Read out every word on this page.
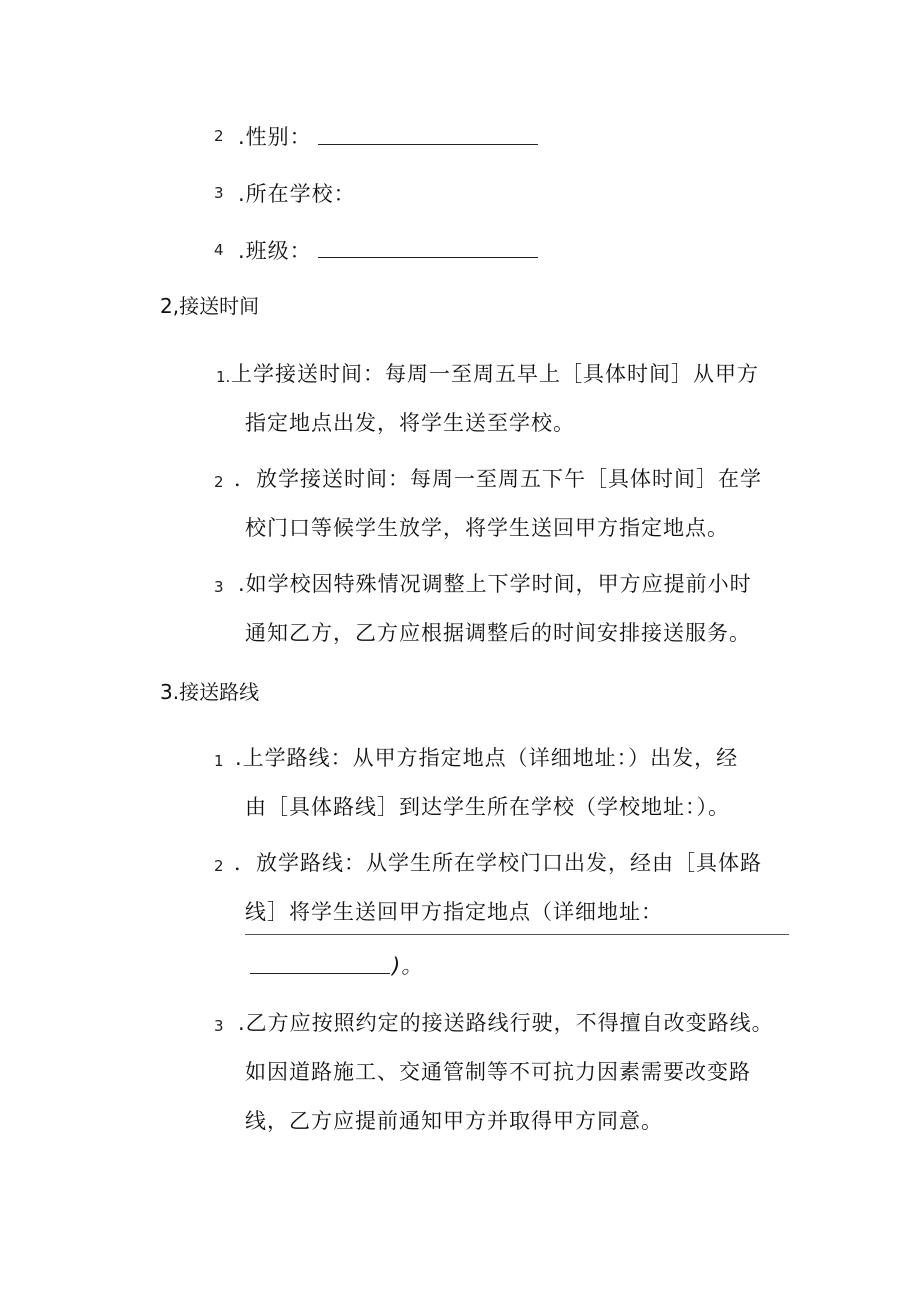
2 .性别：
3 .所在学校：
4 .班级：
2,接送时间
1. 上学接送时间：每周一至周五早上［具体时间］从甲方
指定地点出发，将学生送至学校。
2 ．放学接送时间：每周一至周五下午［具体时间］在学
校门口等候学生放学，将学生送回甲方指定地点。
3 .如学校因特殊情况调整上下学时间，甲方应提前小时
通知乙方，乙方应根据调整后的时间安排接送服务。
3.接送路线
1 .上学路线：从甲方指定地点（详细地址：）出发，经
由［具体路线］到达学生所在学校（学校地址：）。
2 ．放学路线：从学生所在学校门口出发，经由［具体路
线］将学生送回甲方指定地点（详细地址：
)。
3 .乙方应按照约定的接送路线行驶，不得擅自改变路线。
如因道路施工、交通管制等不可抗力因素需要改变路
线，乙方应提前通知甲方并取得甲方同意。
